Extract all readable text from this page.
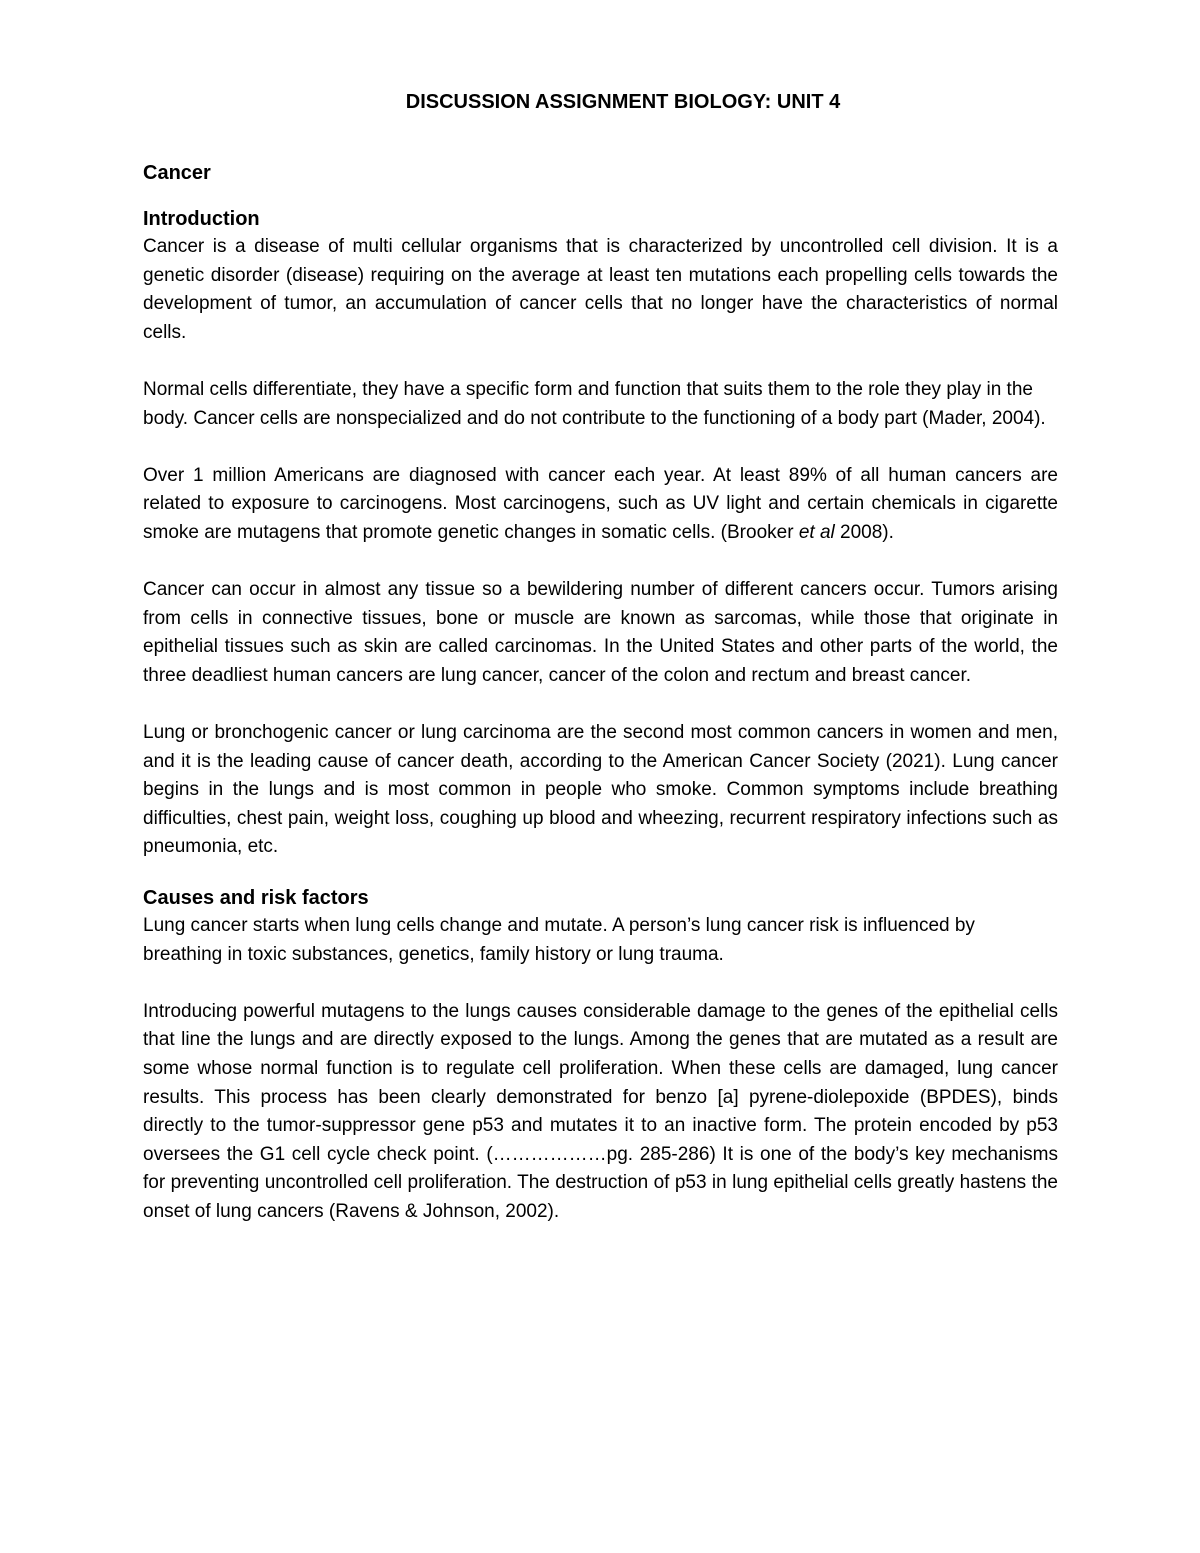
DISCUSSION ASSIGNMENT BIOLOGY: UNIT 4
Cancer
Introduction

Cancer is a disease of multi cellular organisms that is characterized by uncontrolled cell division. It is a genetic disorder (disease) requiring on the average at least ten mutations each propelling cells towards the development of tumor, an accumulation of cancer cells that no longer have the characteristics of normal cells.

Normal cells differentiate, they have a specific form and function that suits them to the role they play in the body. Cancer cells are nonspecialized and do not contribute to the functioning of a body part (Mader, 2004).

Over 1 million Americans are diagnosed with cancer each year. At least 89% of all human cancers are related to exposure to carcinogens. Most carcinogens, such as UV light and certain chemicals in cigarette smoke are mutagens that promote genetic changes in somatic cells. (Brooker et al 2008).

Cancer can occur in almost any tissue so a bewildering number of different cancers occur. Tumors arising from cells in connective tissues, bone or muscle are known as sarcomas, while those that originate in epithelial tissues such as skin are called carcinomas. In the United States and other parts of the world, the three deadliest human cancers are lung cancer, cancer of the colon and rectum and breast cancer.

Lung or bronchogenic cancer or lung carcinoma are the second most common cancers in women and men, and it is the leading cause of cancer death, according to the American Cancer Society (2021). Lung cancer begins in the lungs and is most common in people who smoke. Common symptoms include breathing difficulties, chest pain, weight loss, coughing up blood and wheezing, recurrent respiratory infections such as pneumonia, etc.

Causes and risk factors

Lung cancer starts when lung cells change and mutate. A person’s lung cancer risk is influenced by breathing in toxic substances, genetics, family history or lung trauma.

Introducing powerful mutagens to the lungs causes considerable damage to the genes of the epithelial cells that line the lungs and are directly exposed to the lungs. Among the genes that are mutated as a result are some whose normal function is to regulate cell proliferation. When these cells are damaged, lung cancer results. This process has been clearly demonstrated for benzo [a] pyrene-diolepoxide (BPDES), binds directly to the tumor-suppressor gene p53 and mutates it to an inactive form. The protein encoded by p53 oversees the G1 cell cycle check point. (………………pg. 285-286) It is one of the body’s key mechanisms for preventing uncontrolled cell proliferation. The destruction of p53 in lung epithelial cells greatly hastens the onset of lung cancers (Ravens & Johnson, 2002).
